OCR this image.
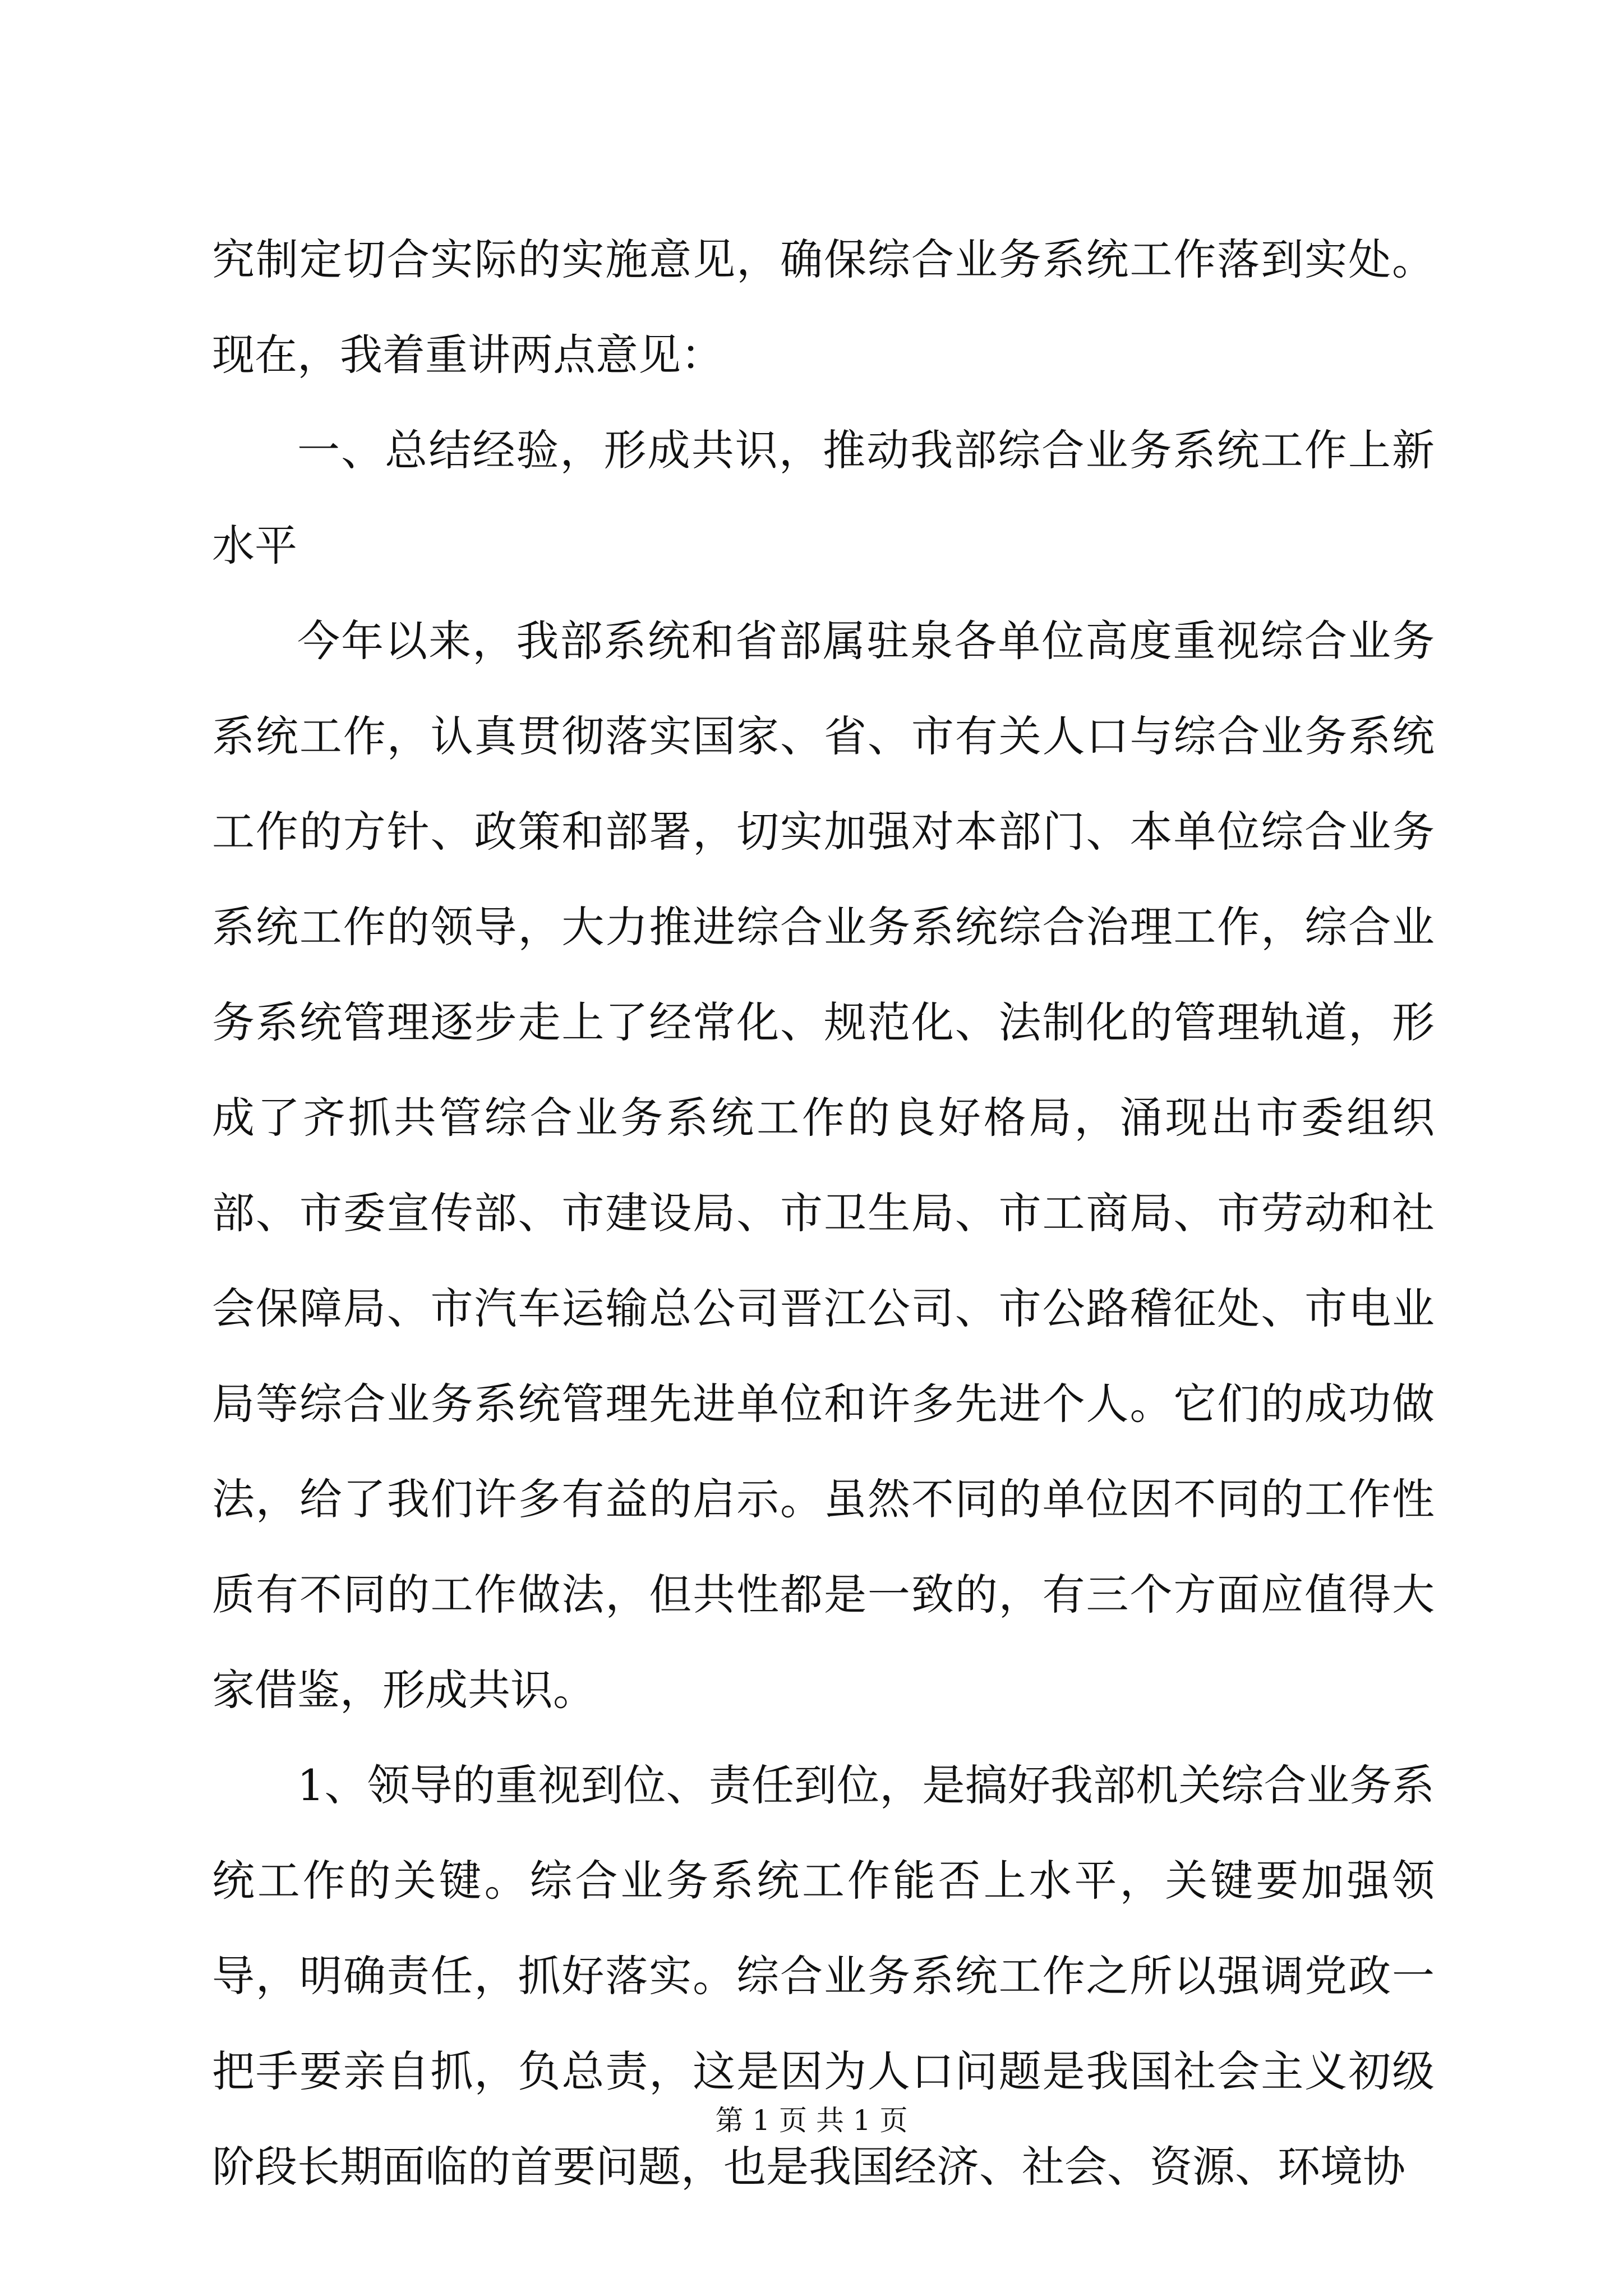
究制定切合实际的实施意见，确保综合业务系统工作落到实处。现在，我着重讲两点意见：

一、总结经验，形成共识，推动我部综合业务系统工作上新水平

今年以来，我部系统和省部属驻泉各单位高度重视综合业务系统工作，认真贯彻落实国家、省、市有关人口与综合业务系统工作的方针、政策和部署，切实加强对本部门、本单位综合业务系统工作的领导，大力推进综合业务系统综合治理工作，综合业务系统管理逐步走上了经常化、规范化、法制化的管理轨道，形成了齐抓共管综合业务系统工作的良好格局，涌现出市委组织部、市委宣传部、市建设局、市卫生局、市工商局、市劳动和社会保障局、市汽车运输总公司晋江公司、市公路稽征处、市电业局等综合业务系统管理先进单位和许多先进个人。它们的成功做法，给了我们许多有益的启示。虽然不同的单位因不同的工作性质有不同的工作做法，但共性都是一致的，有三个方面应值得大家借鉴，形成共识。

1、领导的重视到位、责任到位，是搞好我部机关综合业务系统工作的关键。综合业务系统工作能否上水平，关键要加强领导，明确责任，抓好落实。综合业务系统工作之所以强调党政一把手要亲自抓，负总责，这是因为人口问题是我国社会主义初级阶段长期面临的首要问题，也是我国经济、社会、资源、环境协

第 1 页 共 1 页
